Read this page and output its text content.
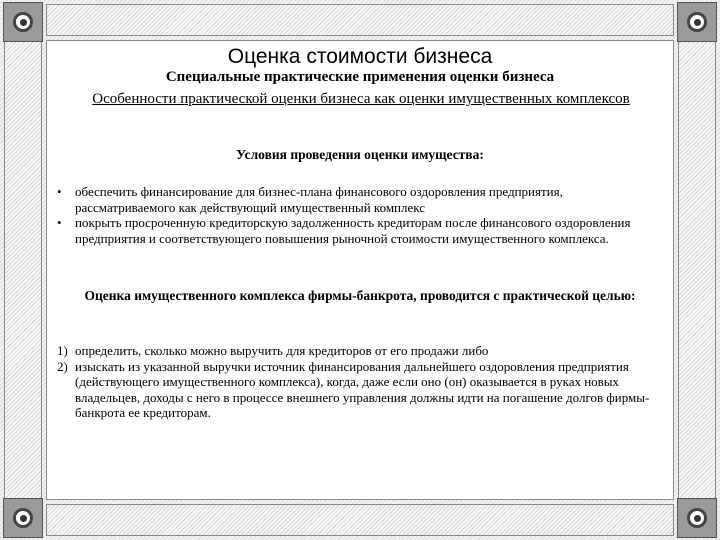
Оценка стоимости бизнеса
Специальные практические применения оценки бизнеса
Особенности практической оценки бизнеса как оценки имущественных комплексов
Условия проведения оценки имущества:
• обеспечить финансирование для бизнес-плана финансового оздоровления предприятия, рассматриваемого как действующий имущественный комплекс
• покрыть просроченную кредиторскую задолженность кредиторам после финансового оздоровления предприятия и соответствующего повышения рыночной стоимости имущественного комплекса.
Оценка имущественного комплекса фирмы-банкрота, проводится с практической целью:
1) определить, сколько можно выручить для кредиторов от его продажи либо
2) изыскать из указанной выручки источник финансирования дальнейшего оздоровления предприятия (действующего имущественного комплекса), когда, даже если оно (он) оказывается в руках новых владельцев, доходы с него в процессе внешнего управления должны идти на погашение долгов фирмы-банкрота ее кредиторам.
